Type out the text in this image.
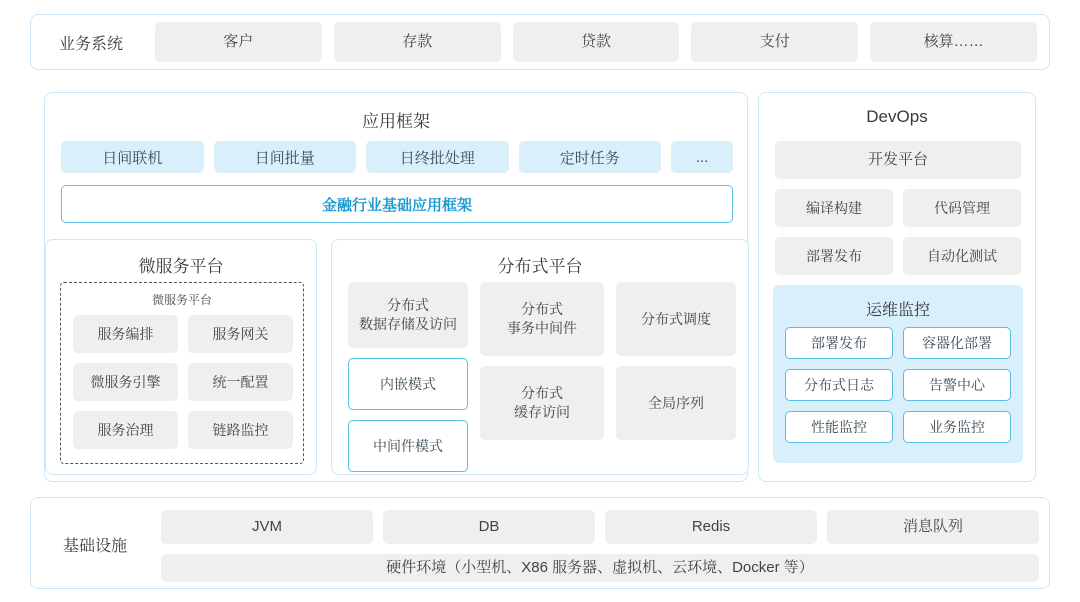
业务系统	客户	存款	贷款	支付	核算……
应用框架
日间联机	日间批量	日终批处理	定时任务	...
金融行业基础应用框架
微服务平台
微服务平台
服务编排	服务网关
微服务引擎	统一配置
服务治理	链路监控
分布式平台
分布式
数据存储及访问
内嵌模式
中间件模式
分布式
事务中间件
分布式
缓存访问
分布式调度
全局序列
DevOps
开发平台
编译构建	代码管理
部署发布	自动化测试
运维监控
部署发布	容器化部署
分布式日志	告警中心
性能监控	业务监控
基础设施
JVM	DB	Redis	消息队列
硬件环境（小型机、X86 服务器、虚拟机、云环境、Docker 等）
